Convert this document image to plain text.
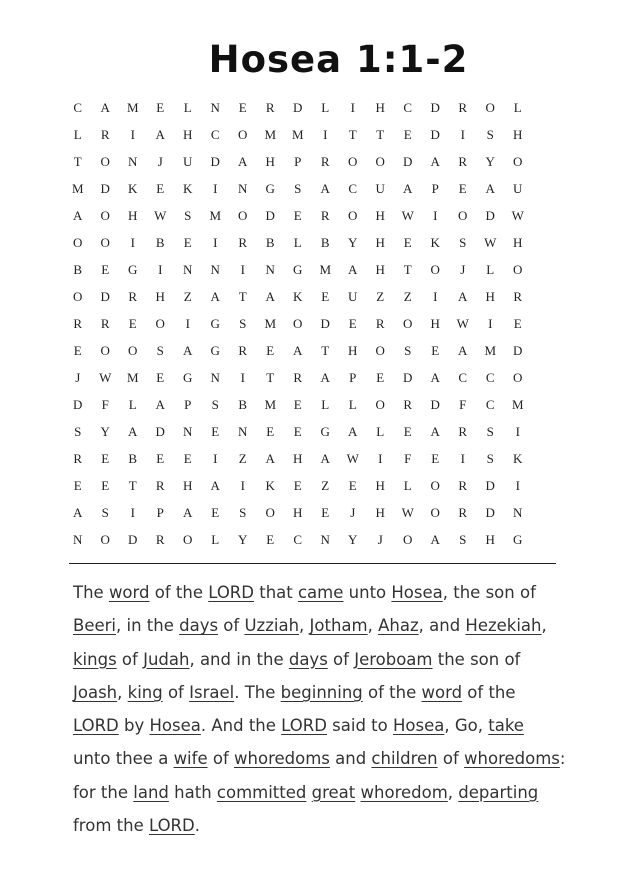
Hosea 1:1-2
C	A	M	E	L	N	E	R	D	L	I	H	C	D	R	O	L
L	R	I	A	H	C	O	M	M	I	T	T	E	D	I	S	H
T	O	N	J	U	D	A	H	P	R	O	O	D	A	R	Y	O
M	D	K	E	K	I	N	G	S	A	C	U	A	P	E	A	U
A	O	H	W	S	M	O	D	E	R	O	H	W	I	O	D	W
O	O	I	B	E	I	R	B	L	B	Y	H	E	K	S	W	H
B	E	G	I	N	N	I	N	G	M	A	H	T	O	J	L	O
O	D	R	H	Z	A	T	A	K	E	U	Z	Z	I	A	H	R
R	R	E	O	I	G	S	M	O	D	E	R	O	H	W	I	E
E	O	O	S	A	G	R	E	A	T	H	O	S	E	A	M	D
J	W	M	E	G	N	I	T	R	A	P	E	D	A	C	C	O
D	F	L	A	P	S	B	M	E	L	L	O	R	D	F	C	M
S	Y	A	D	N	E	N	E	E	G	A	L	E	A	R	S	I
R	E	B	E	E	I	Z	A	H	A	W	I	F	E	I	S	K
E	E	T	R	H	A	I	K	E	Z	E	H	L	O	R	D	I
A	S	I	P	A	E	S	O	H	E	J	H	W	O	R	D	N
N	O	D	R	O	L	Y	E	C	N	Y	J	O	A	S	H	G
The word of the LORD that came unto Hosea, the son of
Beeri, in the days of Uzziah, Jotham, Ahaz, and Hezekiah,
kings of Judah, and in the days of Jeroboam the son of
Joash, king of Israel. The beginning of the word of the
LORD by Hosea. And the LORD said to Hosea, Go, take
unto thee a wife of whoredoms and children of whoredoms:
for the land hath committed great whoredom, departing
from the LORD.
